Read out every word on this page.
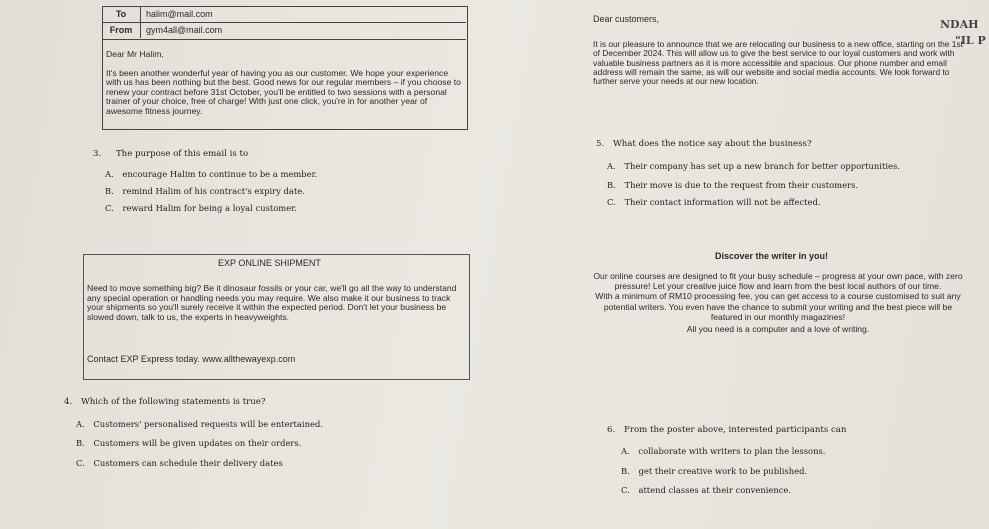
To	halim@mail.com
From	gym4all@mail.com
Dear Mr Halim,
It's been another wonderful year of having you as our customer. We hope your experience with us has been nothing but the best. Good news for our regular members – if you choose to renew your contract before 31st October, you'll be entitled to two sessions with a personal trainer of your choice, free of charge! With just one click, you're in for another year of awesome fitness journey.
Dear customers,	NDAH
"IL P
It is our pleasure to announce that we are relocating our business to a new office, starting on the 1st of December 2024. This will allow us to give the best service to our loyal customers and work with valuable business partners as it is more accessible and spacious. Our phone number and email address will remain the same, as will our website and social media accounts. We look forward to further serve your needs at our new location.
3. The purpose of this email is to
A. encourage Halim to continue to be a member.
B. remind Halim of his contract's expiry date.
C. reward Halim for being a loyal customer.
5. What does the notice say about the business?
A. Their company has set up a new branch for better opportunities.
B. Their move is due to the request from their customers.
C. Their contact information will not be affected.
EXP ONLINE SHIPMENT
Need to move something big? Be it dinosaur fossils or your car, we'll go all the way to understand any special operation or handling needs you may require. We also make it our business to track your shipments so you'll surely receive it within the expected period. Don't let your business be slowed down, talk to us, the experts in heavyweights.
Contact EXP Express today. www.allthewayexp.com
Discover the writer in you!

Our online courses are designed to fit your busy schedule – progress at your own pace, with zero pressure! Let your creative juice flow and learn from the best local authors of our time.

With a minimum of RM10 processing fee, you can get access to a course customised to suit any potential writers. You even have the chance to submit your writing and the best piece will be featured in our monthly magazines!

All you need is a computer and a love of writing.

4. Which of the following statements is true?
A. Customers' personalised requests will be entertained.
B. Customers will be given updates on their orders.
C. Customers can schedule their delivery dates
6. From the poster above, interested participants can
A. collaborate with writers to plan the lessons.
B. get their creative work to be published.
C. attend classes at their convenience.
